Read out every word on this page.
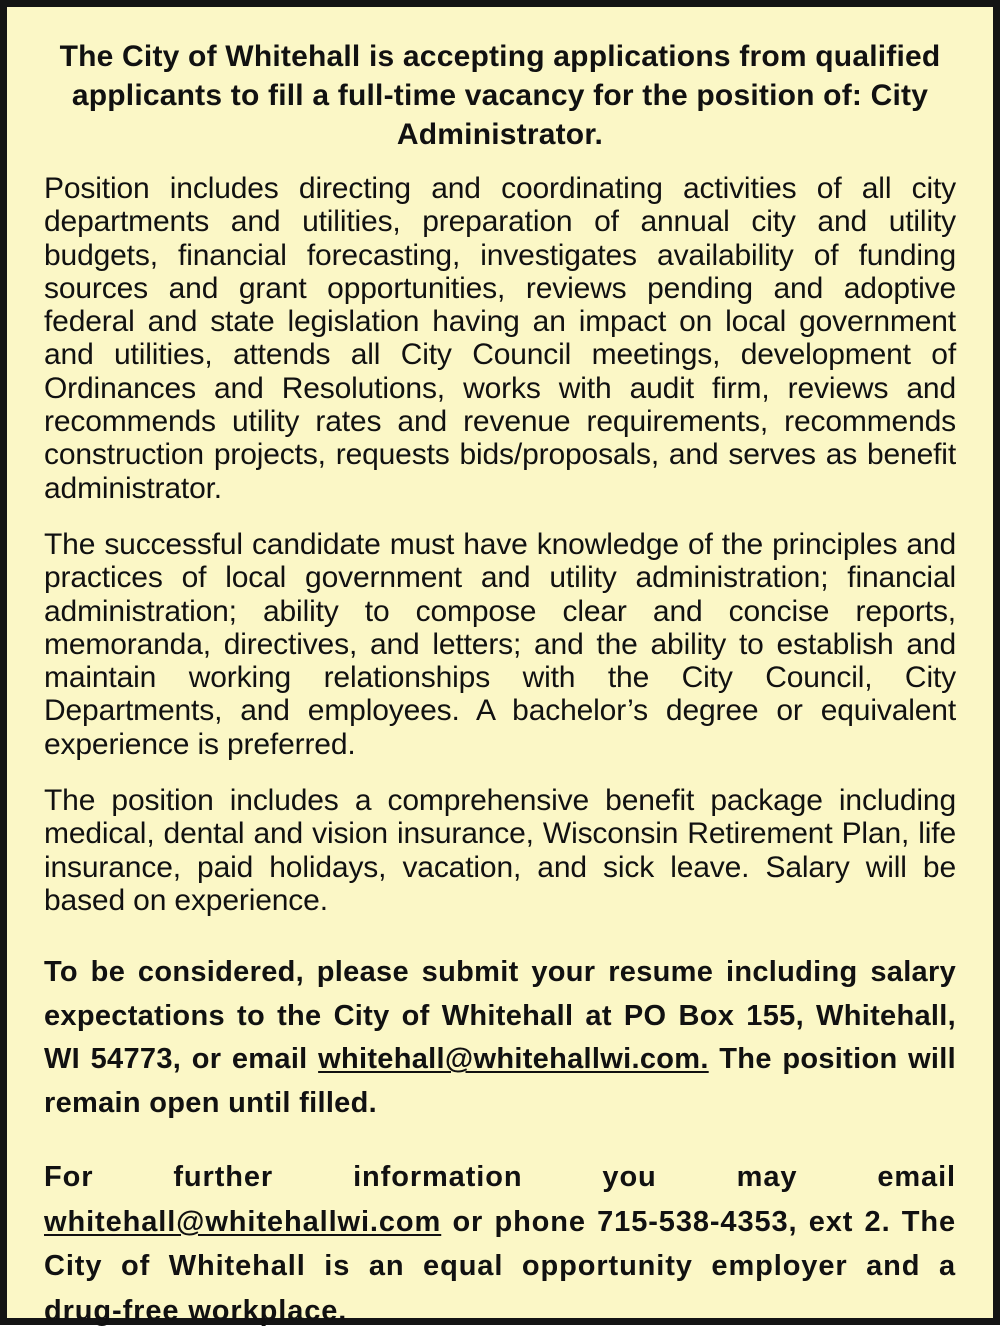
The City of Whitehall is accepting applications from qualified applicants to fill a full-time vacancy for the position of: City Administrator.

Position includes directing and coordinating activities of all city departments and utilities, preparation of annual city and utility budgets, financial forecasting, investigates availability of funding sources and grant opportunities, reviews pending and adoptive federal and state legislation having an impact on local government and utilities, attends all City Council meetings, development of Ordinances and Resolutions, works with audit firm, reviews and recommends utility rates and revenue requirements, recommends construction projects, requests bids/proposals, and serves as benefit administrator.

The successful candidate must have knowledge of the principles and practices of local government and utility administration; financial administration; ability to compose clear and concise reports, memoranda, directives, and letters; and the ability to establish and maintain working relationships with the City Council, City Departments, and employees. A bachelor’s degree or equivalent experience is preferred.

The position includes a comprehensive benefit package including medical, dental and vision insurance, Wisconsin Retirement Plan, life insurance, paid holidays, vacation, and sick leave. Salary will be based on experience.

To be considered, please submit your resume including salary expectations to the City of Whitehall at PO Box 155, Whitehall, WI 54773, or email whitehall@whitehallwi.com. The position will remain open until filled.

For further information you may email whitehall@whitehallwi.com or phone 715-538-4353, ext 2. The City of Whitehall is an equal opportunity employer and a drug-free workplace.
